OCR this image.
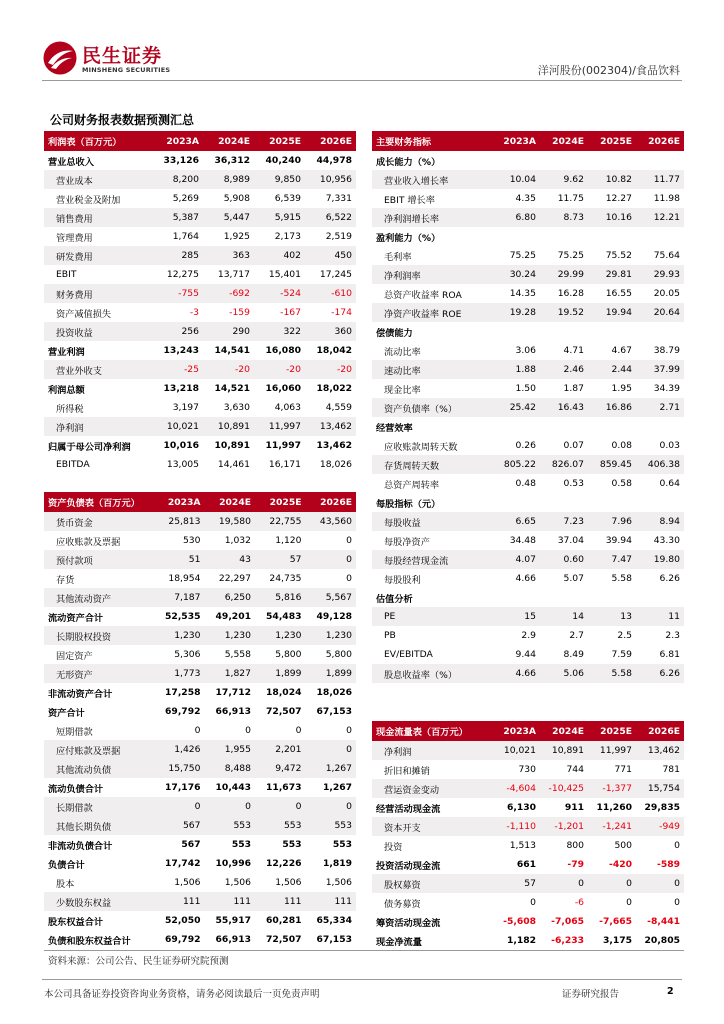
民生证券
MINSHENG SECURITIES	洋河股份(002304)/食品饮料
公司财务报表数据预测汇总
利润表（百万元）	2023A	2024E	2025E	2026E
营业总收入	33,126	36,312	40,240	44,978
营业成本	8,200	8,989	9,850	10,956
营业税金及附加	5,269	5,908	6,539	7,331
销售费用	5,387	5,447	5,915	6,522
管理费用	1,764	1,925	2,173	2,519
研发费用	285	363	402	450
EBIT	12,275	13,717	15,401	17,245
财务费用	-755	-692	-524	-610
资产减值损失	-3	-159	-167	-174
投资收益	256	290	322	360
营业利润	13,243	14,541	16,080	18,042
营业外收支	-25	-20	-20	-20
利润总额	13,218	14,521	16,060	18,022
所得税	3,197	3,630	4,063	4,559
净利润	10,021	10,891	11,997	13,462
归属于母公司净利润	10,016	10,891	11,997	13,462
EBITDA	13,005	14,461	16,171	18,026
资产负债表（百万元）	2023A	2024E	2025E	2026E
货币资金	25,813	19,580	22,755	43,560
应收账款及票据	530	1,032	1,120	0
预付款项	51	43	57	0
存货	18,954	22,297	24,735	0
其他流动资产	7,187	6,250	5,816	5,567
流动资产合计	52,535	49,201	54,483	49,128
长期股权投资	1,230	1,230	1,230	1,230
固定资产	5,306	5,558	5,800	5,800
无形资产	1,773	1,827	1,899	1,899
非流动资产合计	17,258	17,712	18,024	18,026
资产合计	69,792	66,913	72,507	67,153
短期借款	0	0	0	0
应付账款及票据	1,426	1,955	2,201	0
其他流动负债	15,750	8,488	9,472	1,267
流动负债合计	17,176	10,443	11,673	1,267
长期借款	0	0	0	0
其他长期负债	567	553	553	553
非流动负债合计	567	553	553	553
负债合计	17,742	10,996	12,226	1,819
股本	1,506	1,506	1,506	1,506
少数股东权益	111	111	111	111
股东权益合计	52,050	55,917	60,281	65,334
负债和股东权益合计	69,792	66,913	72,507	67,153
主要财务指标	2023A	2024E	2025E	2026E
成长能力（%）				
营业收入增长率	10.04	9.62	10.82	11.77
EBIT 增长率	4.35	11.75	12.27	11.98
净利润增长率	6.80	8.73	10.16	12.21
盈利能力（%）				
毛利率	75.25	75.25	75.52	75.64
净利润率	30.24	29.99	29.81	29.93
总资产收益率 ROA	14.35	16.28	16.55	20.05
净资产收益率 ROE	19.28	19.52	19.94	20.64
偿债能力				
流动比率	3.06	4.71	4.67	38.79
速动比率	1.88	2.46	2.44	37.99
现金比率	1.50	1.87	1.95	34.39
资产负债率（%）	25.42	16.43	16.86	2.71
经营效率				
应收账款周转天数	0.26	0.07	0.08	0.03
存货周转天数	805.22	826.07	859.45	406.38
总资产周转率	0.48	0.53	0.58	0.64
每股指标（元）				
每股收益	6.65	7.23	7.96	8.94
每股净资产	34.48	37.04	39.94	43.30
每股经营现金流	4.07	0.60	7.47	19.80
每股股利	4.66	5.07	5.58	6.26
估值分析				
PE	15	14	13	11
PB	2.9	2.7	2.5	2.3
EV/EBITDA	9.44	8.49	7.59	6.81
股息收益率（%）	4.66	5.06	5.58	6.26
现金流量表（百万元）	2023A	2024E	2025E	2026E
净利润	10,021	10,891	11,997	13,462
折旧和摊销	730	744	771	781
营运资金变动	-4,604	-10,425	-1,377	15,754
经营活动现金流	6,130	911	11,260	29,835
资本开支	-1,110	-1,201	-1,241	-949
投资	1,513	800	500	0
投资活动现金流	661	-79	-420	-589
股权募资	57	0	0	0
债务募资	0	-6	0	0
筹资活动现金流	-5,608	-7,065	-7,665	-8,441
现金净流量	1,182	-6,233	3,175	20,805
资料来源：公司公告、民生证券研究院预测
本公司具备证券投资咨询业务资格，请务必阅读最后一页免责声明	证券研究报告	2
